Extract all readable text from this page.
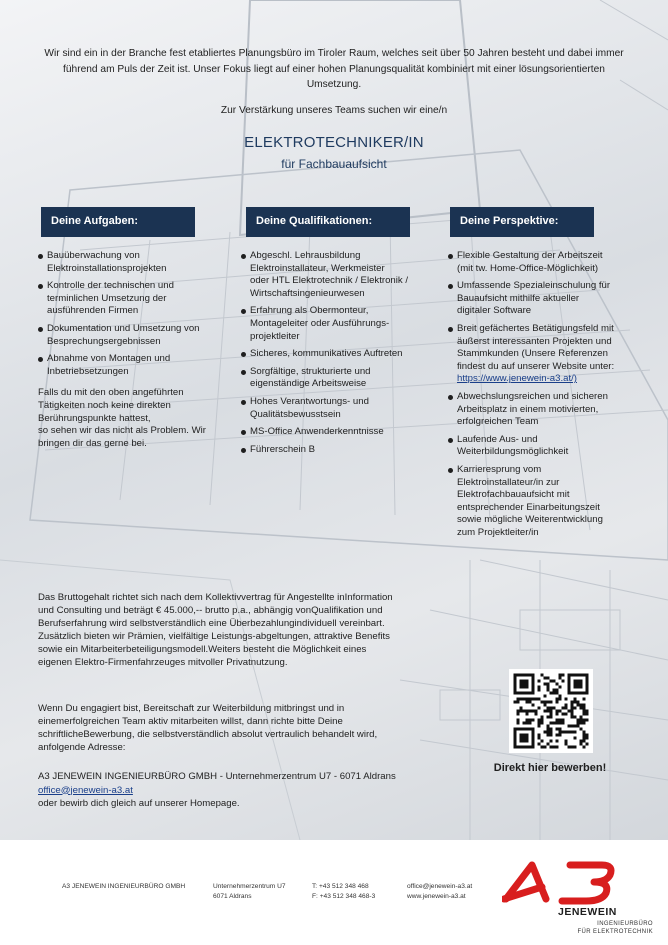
Wir sind ein in der Branche fest etabliertes Planungsbüro im Tiroler Raum, welches seit über 50 Jahren besteht und dabei immer
führend am Puls der Zeit ist. Unser Fokus liegt auf einer hohen Planungsqualität kombiniert mit einer lösungsorientierten
Umsetzung.
Zur Verstärkung unseres Teams suchen wir eine/n
ELEKTROTECHNIKER/IN
für Fachbauaufsicht
Deine Aufgaben:	Deine Qualifikationen:	Deine Perspektive:
Bauüberwachung von
Elektroinstallationsprojekten
Kontrolle der technischen und
terminlichen Umsetzung der
ausführenden Firmen
Dokumentation und Umsetzung von
Besprechungsergebnissen
Abnahme von Montagen und
Inbetriebsetzungen
Falls du mit den oben angeführten
Tätigkeiten noch keine direkten
Berührungspunkte hattest,
so sehen wir das nicht als Problem. Wir
bringen dir das gerne bei.
Abgeschl. Lehrausbildung
Elektroinstallateur, Werkmeister
oder HTL Elektrotechnik / Elektronik /
Wirtschaftsingenieurwesen
Erfahrung als Obermonteur,
Montageleiter oder Ausführungs-
projektleiter
Sicheres, kommunikatives Auftreten
Sorgfältige, strukturierte und
eigenständige Arbeitsweise
Hohes Verantwortungs- und
Qualitätsbewusstsein
MS-Office Anwenderkenntnisse
Führerschein B
Flexible Gestaltung der Arbeitszeit
(mit tw. Home-Office-Möglichkeit)
Umfassende Spezialeinschulung für
Bauaufsicht mithilfe aktueller
digitaler Software
Breit gefächertes Betätigungsfeld mit
äußerst interessanten Projekten und
Stammkunden (Unsere Referenzen
findest du auf unserer Website unter:
https://www.jenewein-a3.at/)
Abwechslungsreichen und sicheren
Arbeitsplatz in einem motivierten,
erfolgreichen Team
Laufende Aus- und
Weiterbildungsmöglichkeit
Karrieresprung vom
Elektroinstallateur/in zur
Elektrofachbauaufsicht mit
entsprechender Einarbeitungszeit
sowie mögliche Weiterentwicklung
zum Projektleiter/in
Das Bruttogehalt richtet sich nach dem Kollektivvertrag für Angestellte inInformation und Consulting und beträgt € 45.000,-- brutto p.a., abhängig vonQualifikation und Berufserfahrung wird selbstverständlich eine Überbezahlungindividuell vereinbart. Zusätzlich bieten wir Prämien, vielfältige Leistungs-abgeltungen, attraktive Benefits sowie ein Mitarbeiterbeteiligungsmodell.Weiters besteht die Möglichkeit eines eigenen Elektro-Firmenfahrzeuges mitvoller Privatnutzung.
Wenn Du engagiert bist, Bereitschaft zur Weiterbildung mitbringst und in einemerfolgreichen Team aktiv mitarbeiten willst, dann richte bitte Deine schriftlicheBewerbung, die selbstverständlich absolut vertraulich behandelt wird, anfolgende Adresse:
A3 JENEWEIN INGENIEURBÜRO GMBH - Unternehmerzentrum U7 - 6071 Aldrans
office@jenewein-a3.at
oder bewirb dich gleich auf unserer Homepage.
Direkt hier bewerben!
A3 JENEWEIN INGENIEURBÜRO GMBH	Unternehmerzentrum U7
6071 Aldrans
T: +43 512 348 468
F: +43 512 348 468-3
office@jenewein-a3.at
www.jenewein-a3.at
JENEWEIN
INGENIEURBÜRO
FÜR ELEKTROTECHNIK
